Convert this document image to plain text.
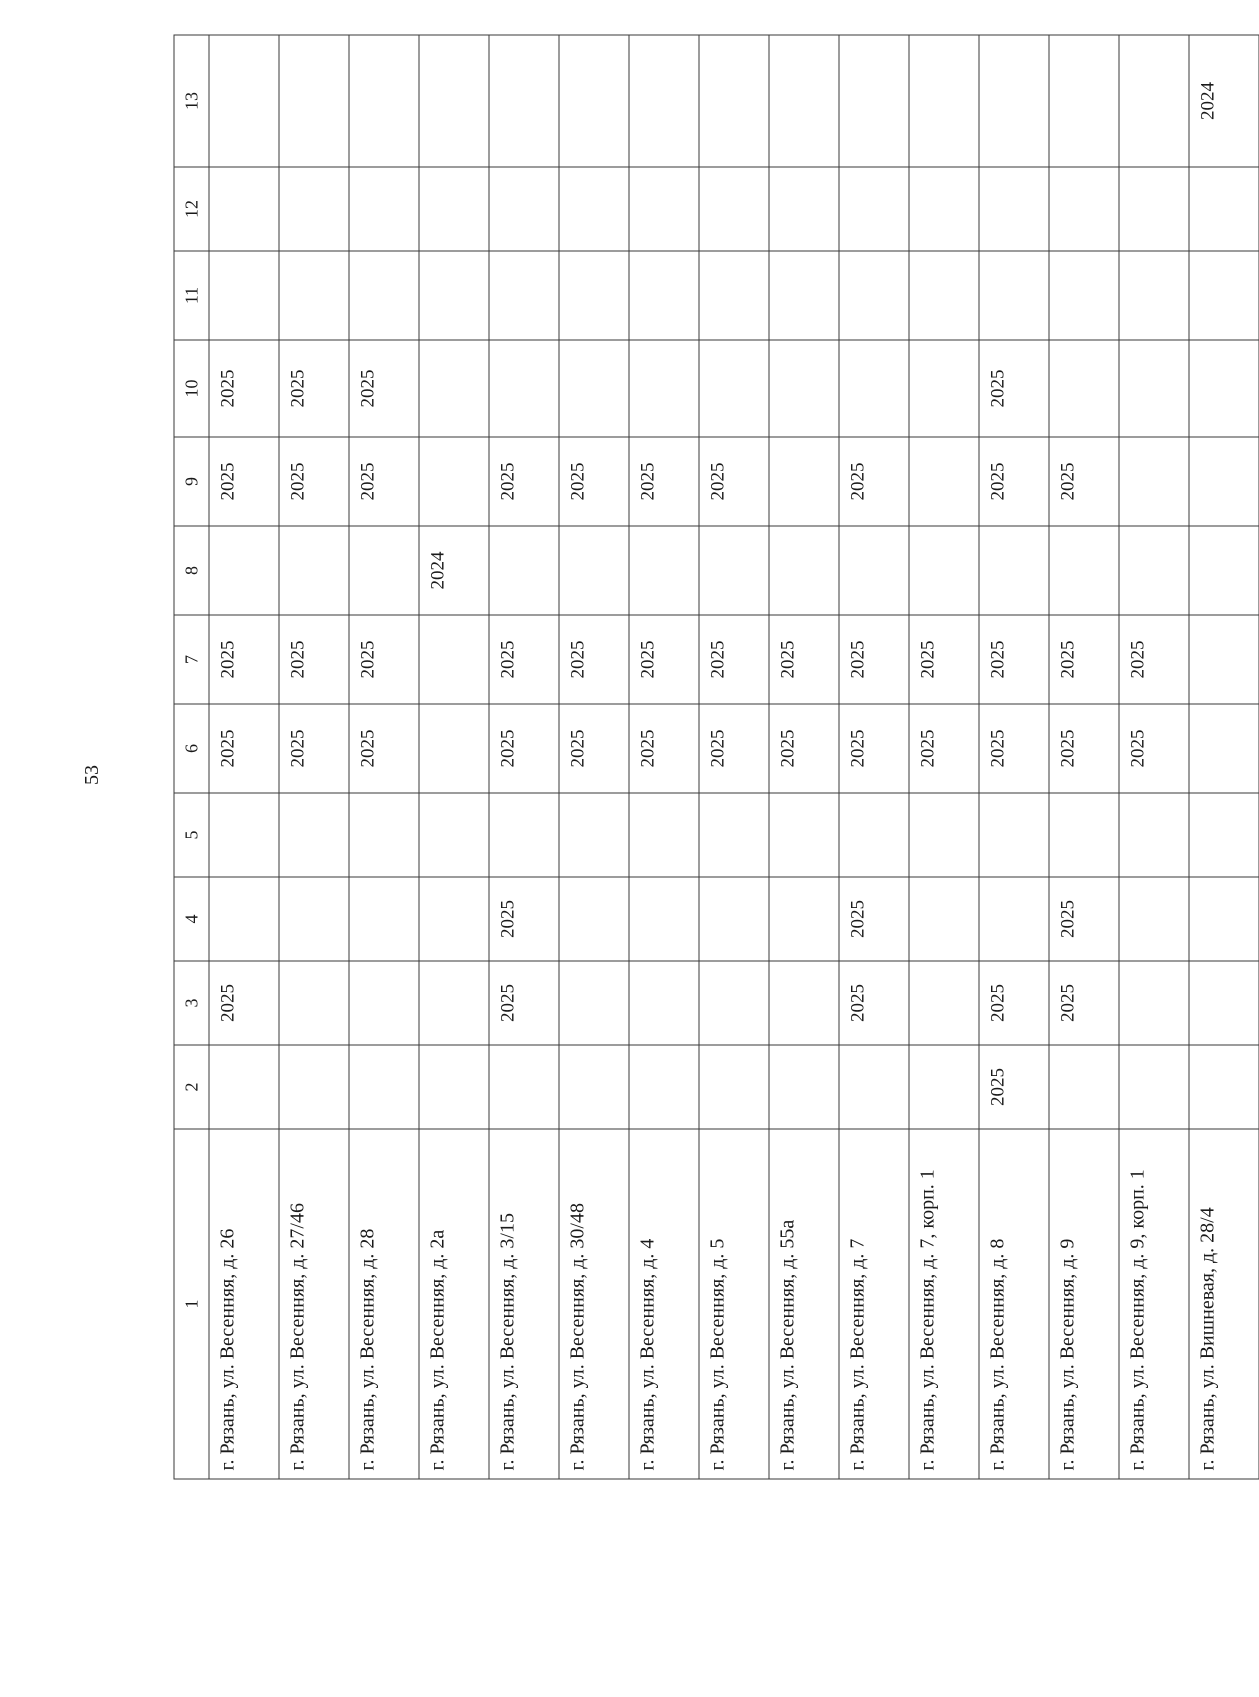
53
1	2	3	4	5	6	7	8	9	10	11	12	13
г. Рязань, ул. Весенняя, д. 26		2025			2025	2025		2025	2025			
г. Рязань, ул. Весенняя, д. 27/46					2025	2025		2025	2025			
г. Рязань, ул. Весенняя, д. 28					2025	2025		2025	2025			
г. Рязань, ул. Весенняя, д. 2а							2024					
г. Рязань, ул. Весенняя, д. 3/15		2025	2025		2025	2025		2025				
г. Рязань, ул. Весенняя, д. 30/48					2025	2025		2025				
г. Рязань, ул. Весенняя, д. 4					2025	2025		2025				
г. Рязань, ул. Весенняя, д. 5					2025	2025		2025				
г. Рязань, ул. Весенняя, д. 55а					2025	2025						
г. Рязань, ул. Весенняя, д. 7		2025	2025		2025	2025		2025				
г. Рязань, ул. Весенняя, д. 7, корп. 1					2025	2025						
г. Рязань, ул. Весенняя, д. 8	2025	2025			2025	2025		2025	2025			
г. Рязань, ул. Весенняя, д. 9		2025	2025		2025	2025		2025				
г. Рязань, ул. Весенняя, д. 9, корп. 1					2025	2025						
г. Рязань, ул. Вишневая, д. 28/4												2024
